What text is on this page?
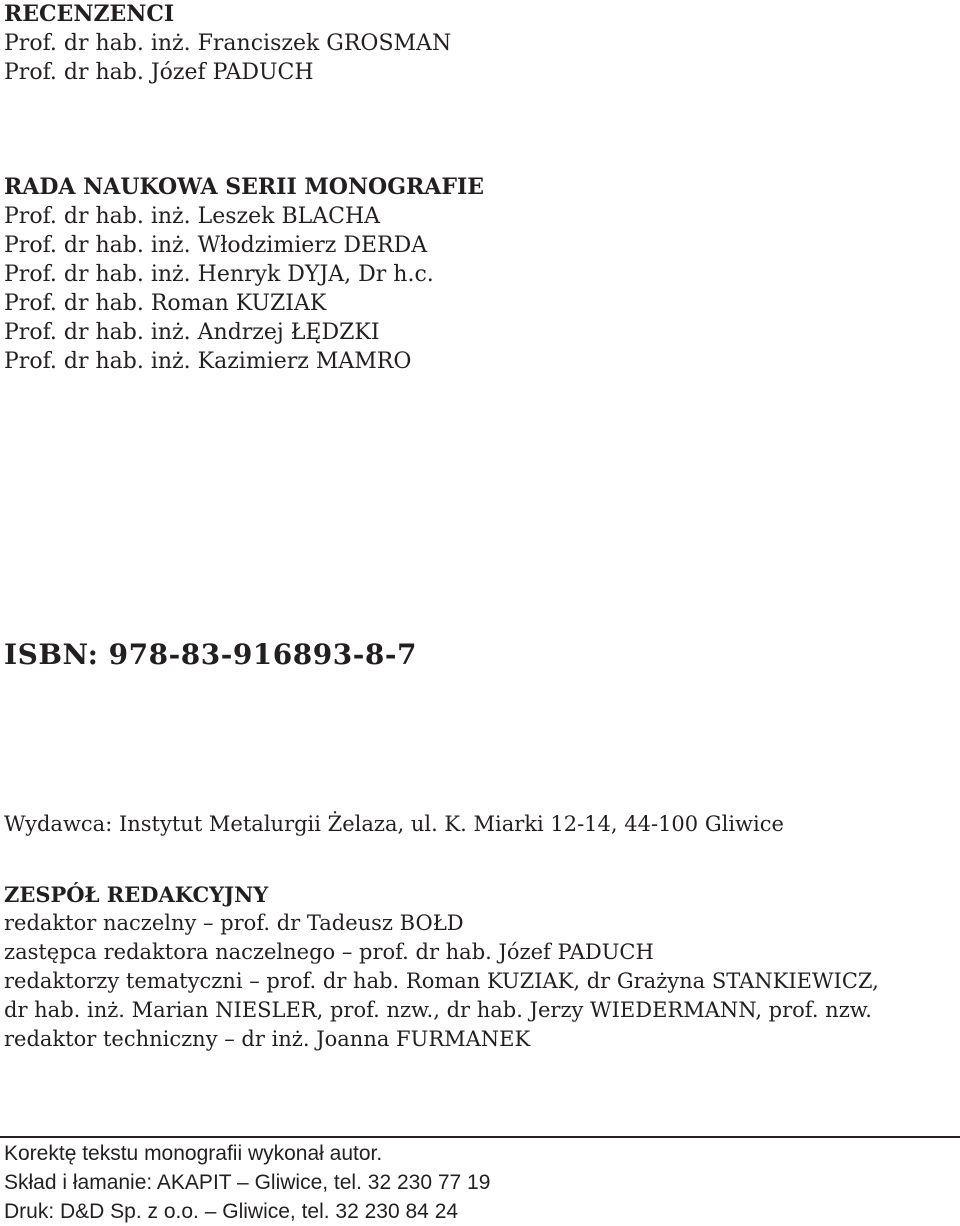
RECENZENCI
Prof. dr hab. inż. Franciszek GROSMAN
Prof. dr hab. Józef PADUCH
RADA NAUKOWA SERII MONOGRAFIE
Prof. dr hab. inż. Leszek BLACHA
Prof. dr hab. inż. Włodzimierz DERDA
Prof. dr hab. inż. Henryk DYJA, Dr h.c.
Prof. dr hab. Roman KUZIAK
Prof. dr hab. inż. Andrzej ŁĘDZKI
Prof. dr hab. inż. Kazimierz MAMRO
ISBN: 978-83-916893-8-7
Wydawca: Instytut Metalurgii Żelaza, ul. K. Miarki 12-14, 44-100 Gliwice
ZESPÓŁ REDAKCYJNY
redaktor naczelny – prof. dr Tadeusz BOŁD
zastępca redaktora naczelnego – prof. dr hab. Józef PADUCH
redaktorzy tematyczni – prof. dr hab. Roman KUZIAK, dr Grażyna STANKIEWICZ,
dr hab. inż. Marian NIESLER, prof. nzw., dr hab. Jerzy WIEDERMANN, prof. nzw.
redaktor techniczny – dr inż. Joanna FURMANEK
Korektę tekstu monografii wykonał autor.
Skład i łamanie: AKAPIT – Gliwice, tel. 32 230 77 19
Druk: D&D Sp. z o.o. – Gliwice, tel. 32 230 84 24
